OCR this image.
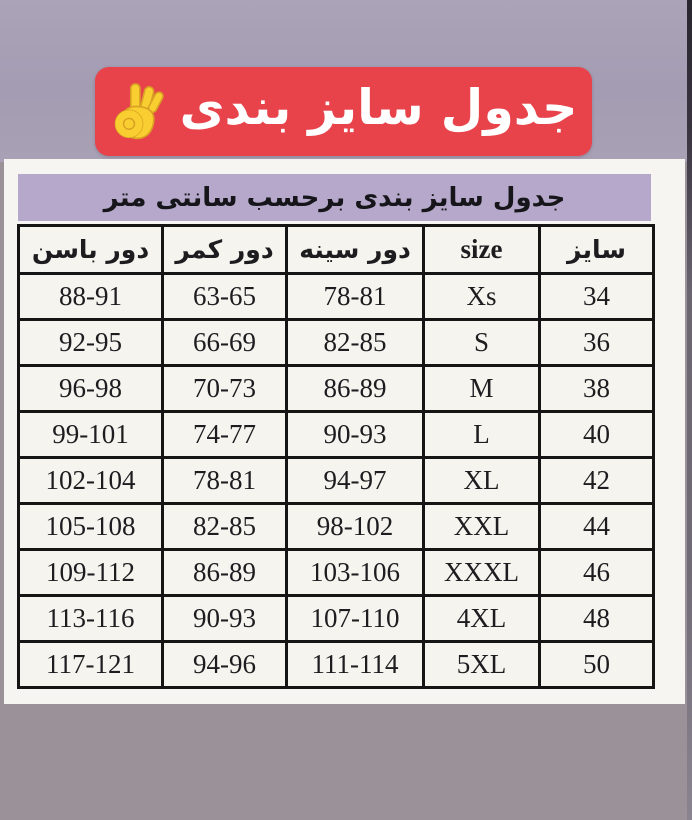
جدول سایز بندی
جدول سایز بندی برحسب سانتی متر
سایز	size	دور سینه	دور کمر	دور باسن
34	Xs	78-81	63-65	88-91
36	S	82-85	66-69	92-95
38	M	86-89	70-73	96-98
40	L	90-93	74-77	99-101
42	XL	94-97	78-81	102-104
44	XXL	98-102	82-85	105-108
46	XXXL	103-106	86-89	109-112
48	4XL	107-110	90-93	113-116
50	5XL	111-114	94-96	117-121
